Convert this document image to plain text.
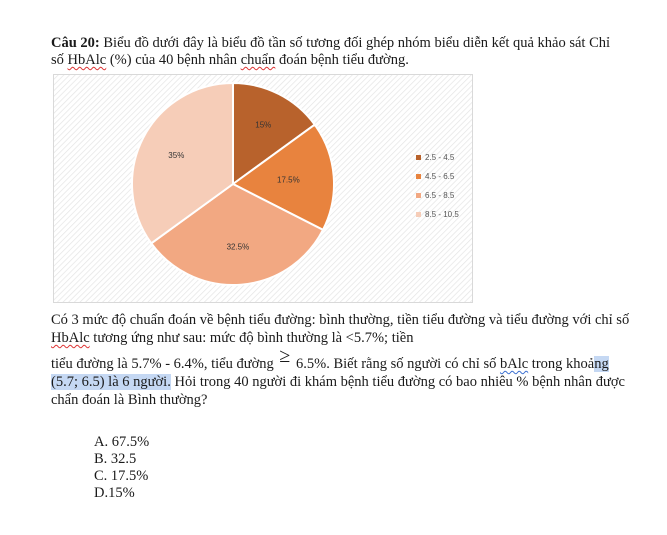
Câu 20: Biểu đồ dưới đây là biểu đồ tần số tương đối ghép nhóm biểu diễn kết quả khảo sát Chỉ số HbAlc (%) của 40 bệnh nhân chuẩn đoán bệnh tiểu đường.
15%
17.5%
32.5%
35%	2.5 - 4.5
4.5 - 6.5
6.5 - 8.5
8.5 - 10.5
Có 3 mức độ chuẩn đoán về bệnh tiểu đường: bình thường, tiền tiểu đường và tiểu đường với chỉ số HbAlc tương ứng như sau: mức độ bình thường là <5.7%; tiền
tiểu đường là 5.7% - 6.4%, tiểu đường ≥ 6.5%. Biết rằng số người có chỉ số bAlc trong khoảng (5.7; 6.5) là 6 người. Hỏi trong 40 người đi khám bệnh tiểu đường có bao nhiêu % bệnh nhân được chẩn đoán là Bình thường?
A. 67.5%
B. 32.5
C. 17.5%
D.15%
